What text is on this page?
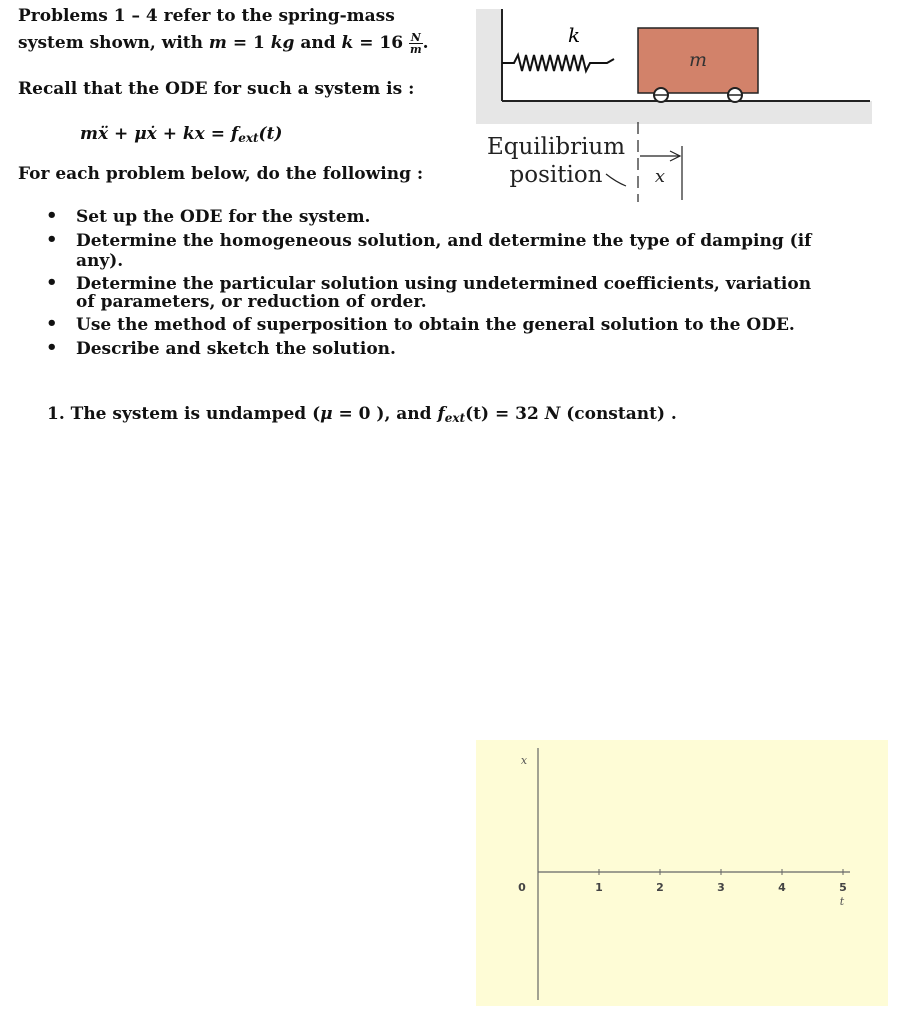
Problems 1 – 4 refer to the spring-mass
system shown, with m = 1 kg and $k = 16 \frac{N}{m}$ .
Recall that the ODE for such a system is :
mẍ + μẋ + kx = $f_{ext}(t)$
For each problem below, do the following :
• Set up the ODE for the system.
• Determine the homogeneous solution, and determine the type of damping (if any).
• Determine the particular solution using undetermined coefficients, variation of parameters, or reduction of order.
• Use the method of superposition to obtain the general solution to the ODE.
• Describe and sketch the solution.
1. The system is undamped (μ = 0 ), and $f_{ext}(t) = 32$ N (constant) .
k
m
Equilibrium
position	x
x
t
0	1	2	3	4	5
